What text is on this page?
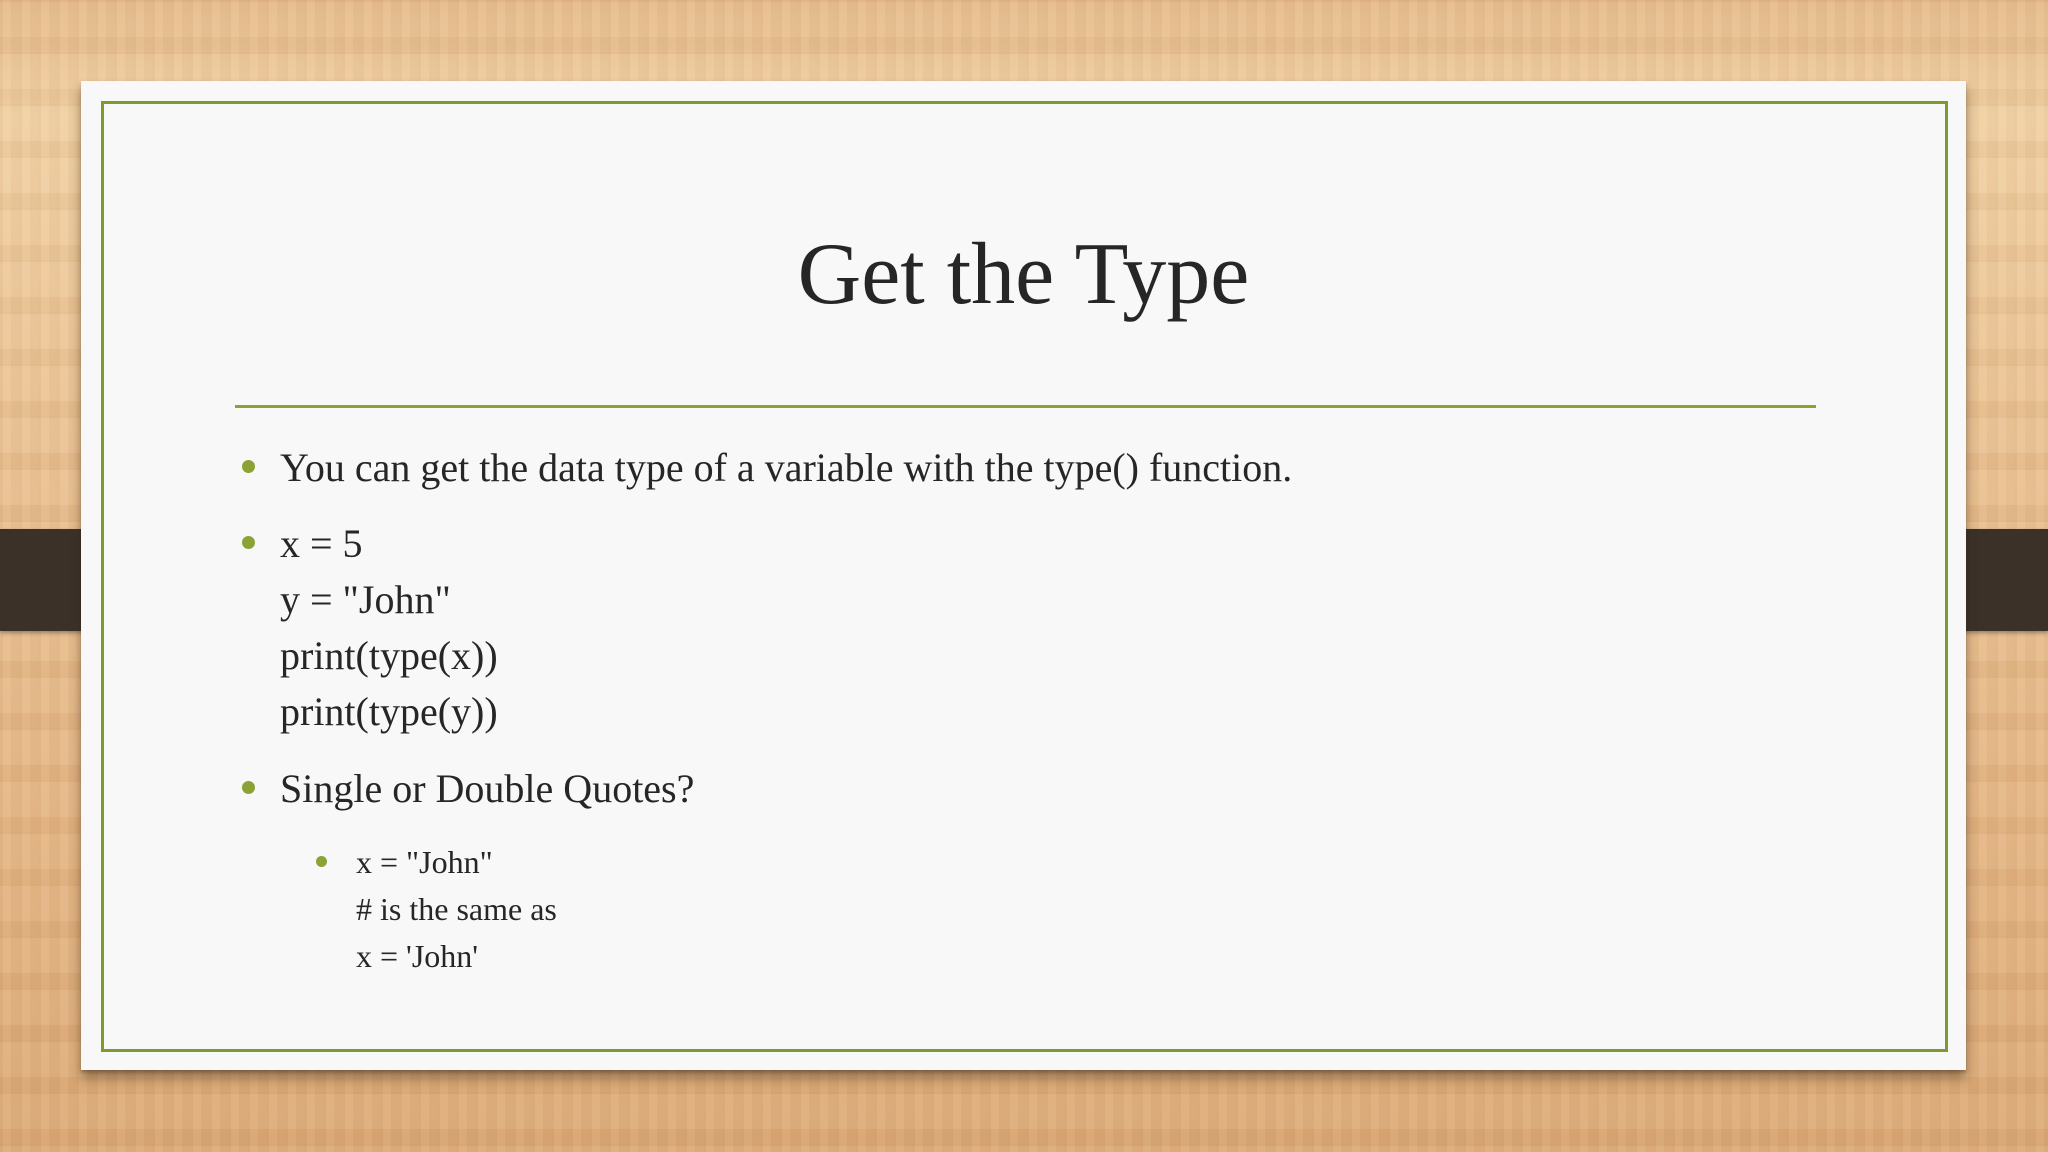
Get the Type
You can get the data type of a variable with the type() function.
x = 5
y = "John"
print(type(x))
print(type(y))
Single or Double Quotes?
x = "John"
# is the same as
x = 'John'
